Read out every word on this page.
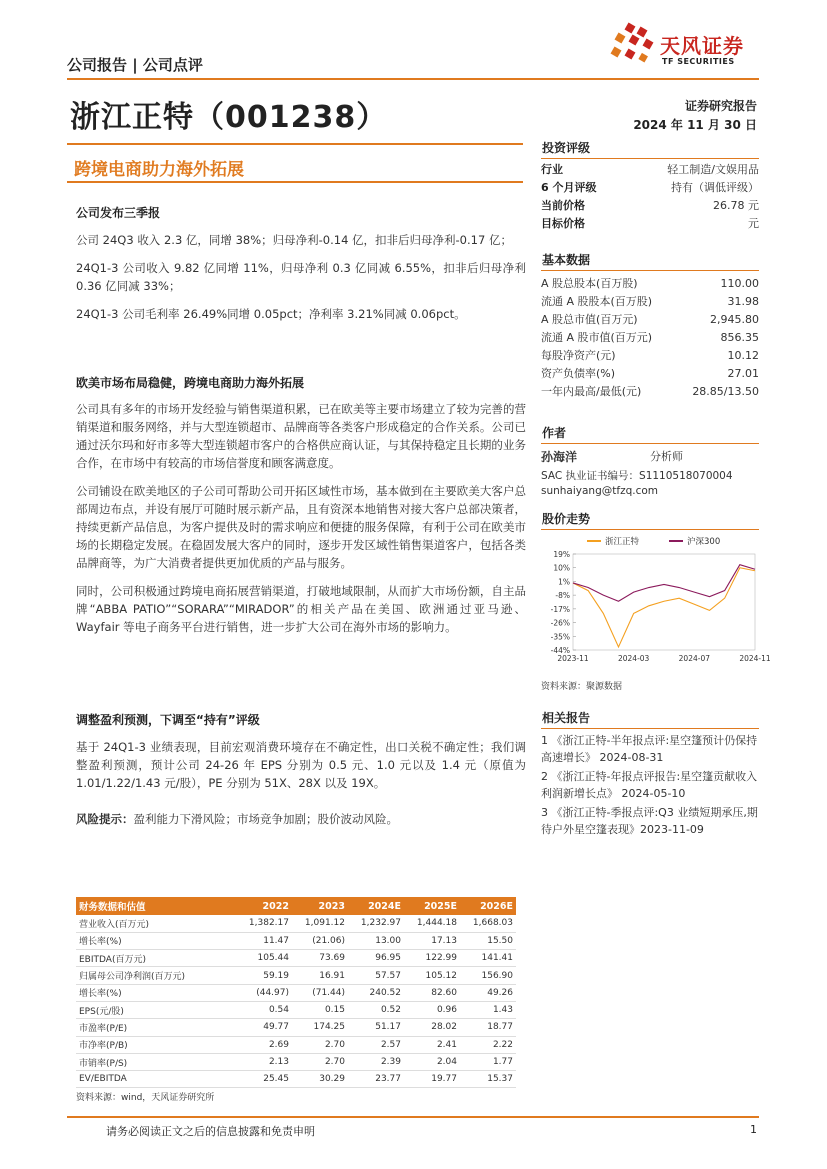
公司报告 | 公司点评
天风证券
TF SECURITIES
浙江正特（001238）	证券研究报告
2024 年 11 月 30 日
跨境电商助力海外拓展
公司发布三季报

公司 24Q3 收入 2.3 亿，同增 38%；归母净利-0.14 亿，扣非后归母净利-0.17 亿；

24Q1-3 公司收入 9.82 亿同增 11%，归母净利 0.3 亿同减 6.55%，扣非后归母净利 0.36 亿同减 33%；

24Q1-3 公司毛利率 26.49%同增 0.05pct；净利率 3.21%同减 0.06pct。

欧美市场布局稳健，跨境电商助力海外拓展

公司具有多年的市场开发经验与销售渠道积累，已在欧美等主要市场建立了较为完善的营销渠道和服务网络，并与大型连锁超市、品牌商等各类客户形成稳定的合作关系。公司已通过沃尔玛和好市多等大型连锁超市客户的合格供应商认证，与其保持稳定且长期的业务合作，在市场中有较高的市场信誉度和顾客满意度。

公司铺设在欧美地区的子公司可帮助公司开拓区域性市场，基本做到在主要欧美大客户总部周边布点，并设有展厅可随时展示新产品，且有资深本地销售对接大客户总部决策者，持续更新产品信息，为客户提供及时的需求响应和便捷的服务保障，有利于公司在欧美市场的长期稳定发展。在稳固发展大客户的同时，逐步开发区域性销售渠道客户，包括各类品牌商等，为广大消费者提供更加优质的产品与服务。

同时，公司积极通过跨境电商拓展营销渠道，打破地域限制，从而扩大市场份额，自主品牌“ABBA PATIO”“SORARA”“MIRADOR”的相关产品在美国、欧洲通过亚马逊、Wayfair 等电子商务平台进行销售，进一步扩大公司在海外市场的影响力。

调整盈利预测，下调至“持有”评级

基于 24Q1-3 业绩表现，目前宏观消费环境存在不确定性，出口关税不确定性；我们调整盈利预测，预计公司 24-26 年 EPS 分别为 0.5 元、1.0 元以及 1.4 元（原值为 1.01/1.22/1.43 元/股），PE 分别为 51X、28X 以及 19X。

风险提示：盈利能力下滑风险；市场竞争加剧；股价波动风险。

投资评级
行业	轻工制造/文娱用品
6 个月评级	持有（调低评级）
当前价格	26.78 元
目标价格	元
基本数据
A 股总股本(百万股)	110.00
流通 A 股股本(百万股)	31.98
A 股总市值(百万元)	2,945.80
流通 A 股市值(百万元)	856.35
每股净资产(元)	10.12
资产负债率(%)	27.01
一年内最高/最低(元)	28.85/13.50
作者
孙海洋	分析师
SAC 执业证书编号：S1110518070004
sunhaiyang@tfzq.com
股价走势
19%
10%
1%
-8%
-17%
-26%
-35%
-44%
2023-11	2024-03	2024-07	2024-11
浙江正特	沪深300
资料来源：聚源数据
相关报告
1 《浙江正特-半年报点评:星空篷预计仍保持高速增长》 2024-08-31
2 《浙江正特-年报点评报告:星空篷贡献收入利润新增长点》 2024-05-10
3 《浙江正特-季报点评:Q3 业绩短期承压,期待户外星空篷表现》2023-11-09
财务数据和估值	2022	2023	2024E	2025E	2026E
营业收入(百万元)	1,382.17	1,091.12	1,232.97	1,444.18	1,668.03
增长率(%)	11.47	(21.06)	13.00	17.13	15.50
EBITDA(百万元)	105.44	73.69	96.95	122.99	141.41
归属母公司净利润(百万元)	59.19	16.91	57.57	105.12	156.90
增长率(%)	(44.97)	(71.44)	240.52	82.60	49.26
EPS(元/股)	0.54	0.15	0.52	0.96	1.43
市盈率(P/E)	49.77	174.25	51.17	28.02	18.77
市净率(P/B)	2.69	2.70	2.57	2.41	2.22
市销率(P/S)	2.13	2.70	2.39	2.04	1.77
EV/EBITDA	25.45	30.29	23.77	19.77	15.37
资料来源：wind，天风证券研究所
请务必阅读正文之后的信息披露和免责申明	1
